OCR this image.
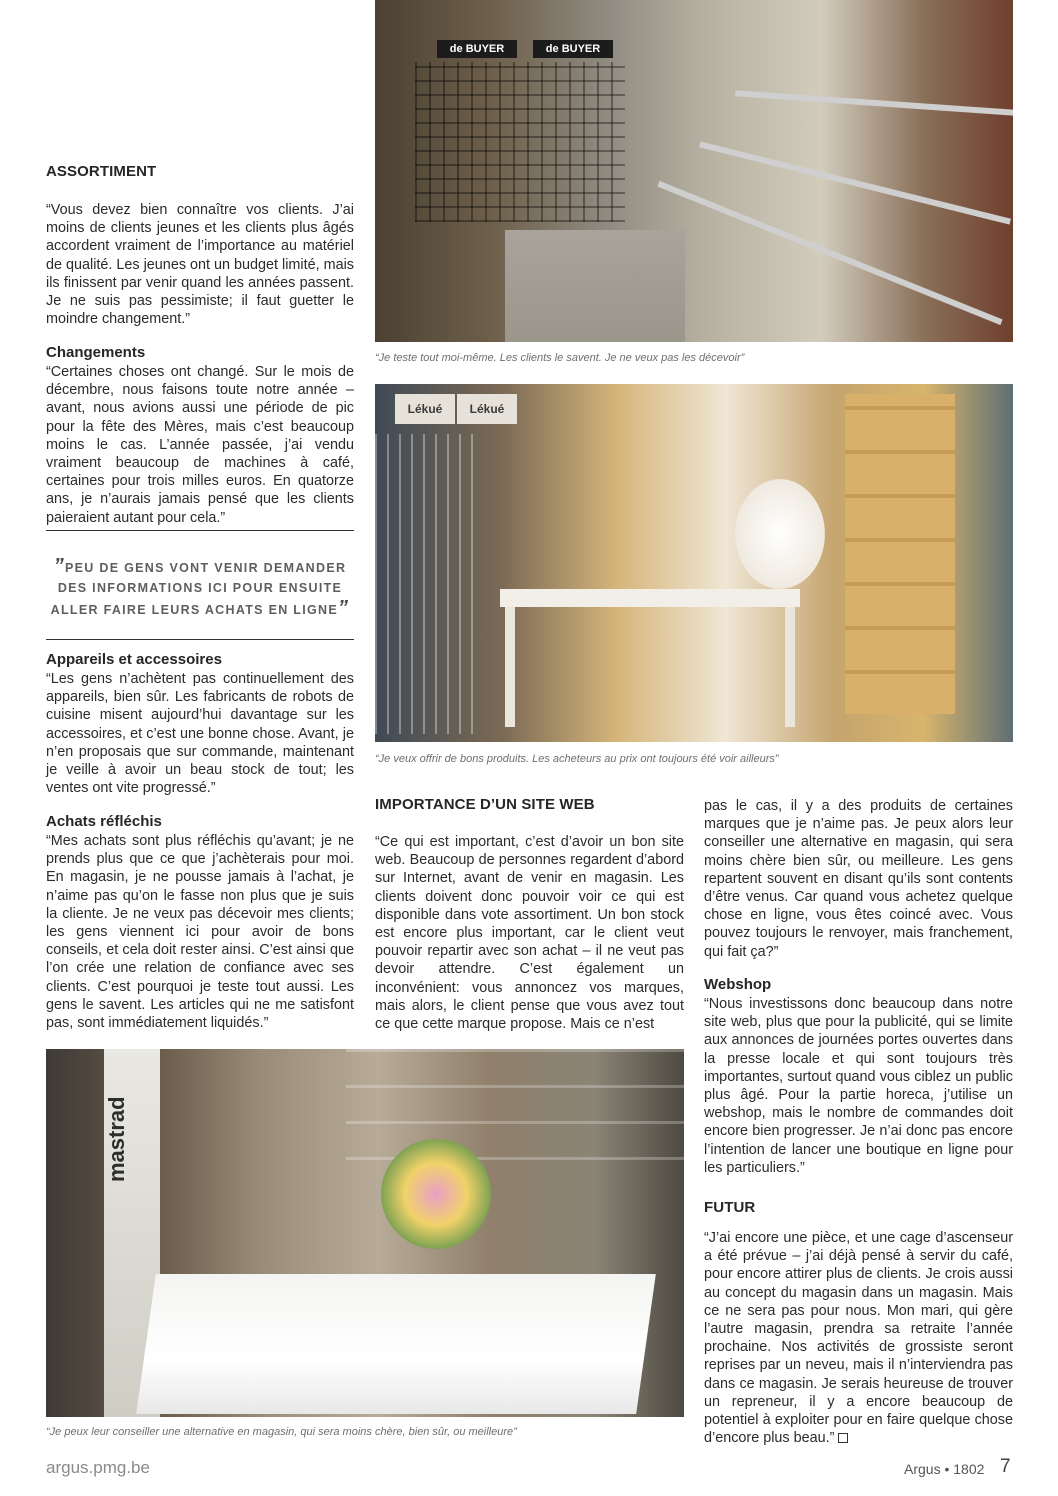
ASSORTIMENT

“Vous devez bien connaître vos clients. J’ai moins de clients jeunes et les clients plus âgés accordent vraiment de l’importance au matériel de qualité. Les jeunes ont un budget limité, mais ils finissent par venir quand les années passent. Je ne suis pas pessimiste; il faut guetter le moindre changement.”

Changements

“Certaines choses ont changé. Sur le mois de décembre, nous faisons toute notre année – avant, nous avions aussi une période de pic pour la fête des Mères, mais c’est beaucoup moins le cas. L’année passée, j’ai vendu vraiment beaucoup de machines à café, certaines pour trois milles euros. En quatorze ans, je n’aurais jamais pensé que les clients paieraient autant pour cela.”

”PEU DE GENS VONT VENIR DEMANDER DES INFORMATIONS ICI POUR ENSUITE ALLER FAIRE LEURS ACHATS EN LIGNE”
Appareils et accessoires

“Les gens n’achètent pas continuellement des appareils, bien sûr. Les fabricants de robots de cuisine misent aujourd’hui davantage sur les accessoires, et c’est une bonne chose. Avant, je n’en proposais que sur commande, maintenant je veille à avoir un beau stock de tout; les ventes ont vite progressé.”

Achats réfléchis

“Mes achats sont plus réfléchis qu’avant; je ne prends plus que ce que j’achèterais pour moi. En magasin, je ne pousse jamais à l’achat, je n’aime pas qu’on le fasse non plus que je suis la cliente. Je ne veux pas décevoir mes clients; les gens viennent ici pour avoir de bons conseils, et cela doit rester ainsi. C’est ainsi que l’on crée une relation de confiance avec ses clients. C’est pourquoi je teste tout aussi. Les gens le savent. Les articles qui ne me satisfont pas, sont immédiatement liquidés.”

de BUYER	de BUYER
“Je teste tout moi-même. Les clients le savent. Je ne veux pas les décevoir”
Lékué	Lékué
“Je veux offrir de bons produits. Les acheteurs au prix ont toujours été voir ailleurs”
IMPORTANCE D’UN SITE WEB

“Ce qui est important, c’est d’avoir un bon site web. Beaucoup de personnes regardent d’abord sur Internet, avant de venir en magasin. Les clients doivent donc pouvoir voir ce qui est disponible dans vote assortiment. Un bon stock est encore plus important, car le client veut pouvoir repartir avec son achat – il ne veut pas devoir attendre. C’est également un inconvénient: vous annoncez vos marques, mais alors, le client pense que vous avez tout ce que cette marque propose. Mais ce n’est

pas le cas, il y a des produits de certaines marques que je n’aime pas. Je peux alors leur conseiller une alternative en magasin, qui sera moins chère bien sûr, ou meilleure. Les gens repartent souvent en disant qu’ils sont contents d’être venus. Car quand vous achetez quelque chose en ligne, vous êtes coincé avec. Vous pouvez toujours le renvoyer, mais franchement, qui fait ça?”

Webshop

“Nous investissons donc beaucoup dans notre site web, plus que pour la publicité, qui se limite aux annonces de journées portes ouvertes dans la presse locale et qui sont toujours très importantes, surtout quand vous ciblez un public plus âgé. Pour la partie horeca, j’utilise un webshop, mais le nombre de commandes doit encore bien progresser. Je n’ai donc pas encore l’intention de lancer une boutique en ligne pour les particuliers.”

FUTUR

“J’ai encore une pièce, et une cage d’ascenseur a été prévue – j’ai déjà pensé à servir du café, pour encore attirer plus de clients. Je crois aussi au concept du magasin dans un magasin. Mais ce ne sera pas pour nous. Mon mari, qui gère l’autre magasin, prendra sa retraite l’année prochaine. Nos activités de grossiste seront reprises par un neveu, mais il n’interviendra pas dans ce magasin. Je serais heureuse de trouver un repreneur, il y a encore beaucoup de potentiel à exploiter pour en faire quelque chose d’encore plus beau.”

mastrad
“Je peux leur conseiller une alternative en magasin, qui sera moins chère, bien sûr, ou meilleure”
argus.pmg.be	Argus • 1802 7
